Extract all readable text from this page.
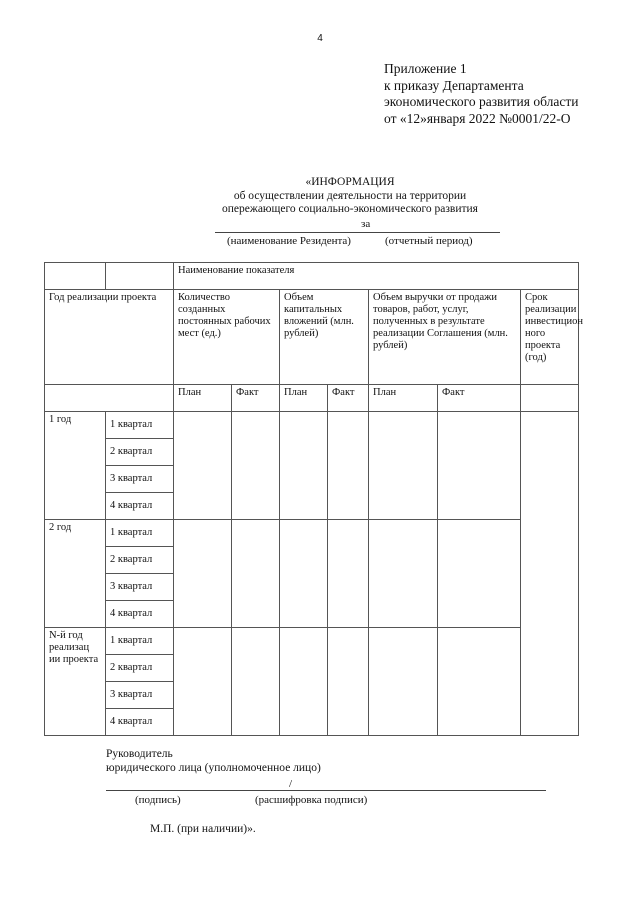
4
Приложение 1
к приказу Департамента
экономического развития области
от «12»января 2022 №0001/22-О
«ИНФОРМАЦИЯ
об осуществлении деятельности на территории
опережающего социально-экономического развития
за
(наименование Резидента)	(отчетный период)
		Наименование показателя						
Год реализации проекта		Количество созданных постоянных рабочих мест (ед.)		Объем капитальных вложений (млн. рублей)		Объем выручки от продажи товаров, работ, услуг, полученных в результате реализации Соглашения (млн. рублей)		Срок реализации инвестицион ного проекта (год)
		План	Факт	План	Факт	План	Факт	
1 год	1 квартал							
	2 квартал							
	3 квартал							
	4 квартал							
2 год	1 квартал							
	2 квартал							
	3 квартал							
	4 квартал							
N-й год реализац ии проекта	1 квартал							
	2 квартал							
	3 квартал							
	4 квартал							
Руководитель
юридического лица (уполномоченное лицо)
/
(подпись)	(расшифровка подписи)
М.П. (при наличии)».
